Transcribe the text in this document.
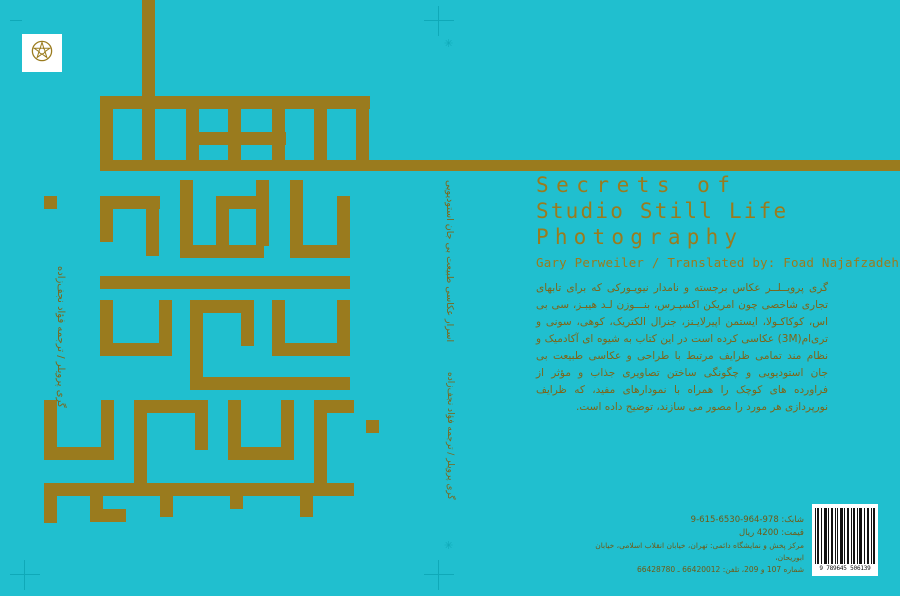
✳
✳
گری پرویلر / ترجمه فؤاد نجف‌زاده	اسرار عکاسی طبیعت بی جان استودیویی
گری پرویلر / ترجمه فؤاد نجف‌زاده
Secrets of
Studio Still Life
Photography
Gary Perweiler / Translated by: Foad Najafzadeh
گری پرویــلــر عکاس برجسته و نامدار نیویـورکی که برای تابهای تجاری شاخصی چون امریکن اکسپـرس، بنـــوزن لـد هیبـز، سی بی اس، کوکاکـولا، ایستمن اپیرلایـنز، جنرال الکتریک، کوهی، سونی و تری‌ام(3M) عکاسی کرده است در این کتاب به شیوه ای آکادمیک و نظام مند تمامی ظرایف مرتبط با طراحی و عکاسی طبیعت بی جان استودیویی و چگونگی ساختن تصاویری جذاب و مؤثر از فراورده های کوچک را همراه با نمودارهای مفید، که ظرایف نورپردازی هر مورد را مصور می سازند، توضیح داده است.
9 789645 506139
شابک: 978-964-6530-615-9
قیمت: 4200 ریال
مرکز پخش و نمایشگاه دائمی: تهران، خیابان انقلاب اسلامی، خیابان ابوریحان،
شماره 107 و 209، تلفن: 66420012 ـ 66428780
